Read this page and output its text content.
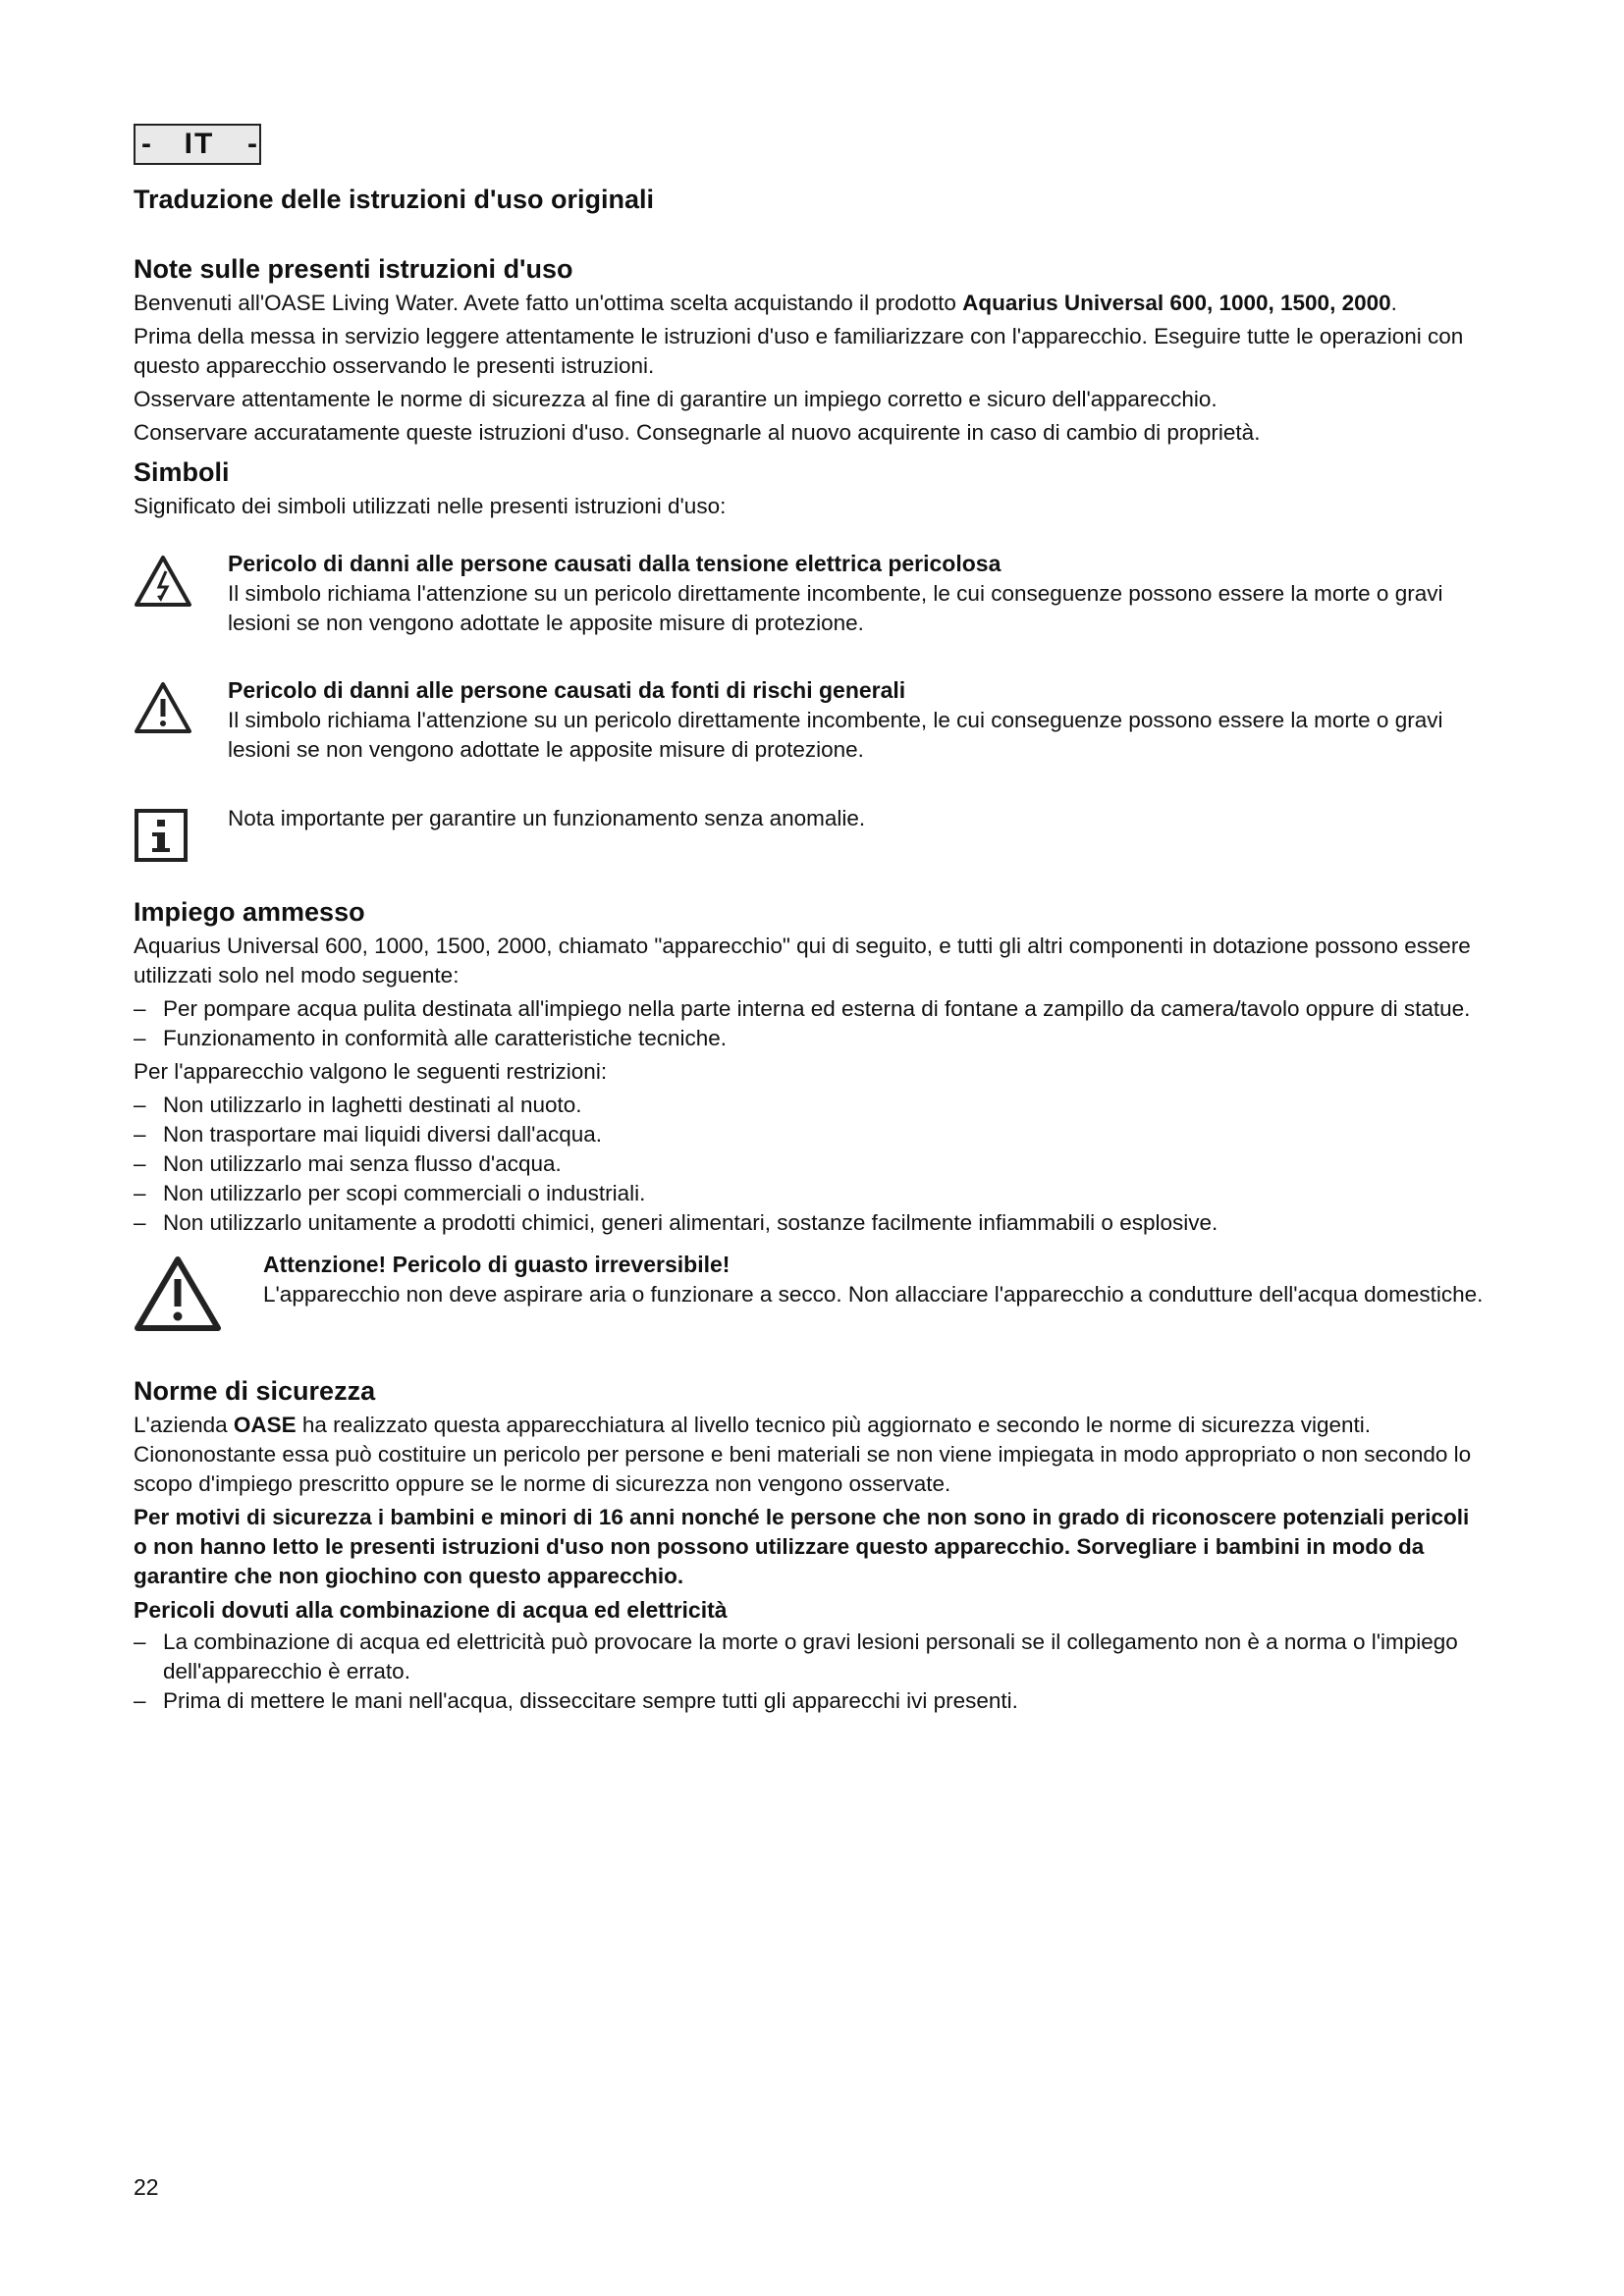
- IT -
Traduzione delle istruzioni d'uso originali
Note sulle presenti istruzioni d'uso

Benvenuti all'OASE Living Water. Avete fatto un'ottima scelta acquistando il prodotto Aquarius Universal 600, 1000, 1500, 2000.

Prima della messa in servizio leggere attentamente le istruzioni d'uso e familiarizzare con l'apparecchio. Eseguire tutte le operazioni con questo apparecchio osservando le presenti istruzioni.

Osservare attentamente le norme di sicurezza al fine di garantire un impiego corretto e sicuro dell'apparecchio.

Conservare accuratamente queste istruzioni d'uso. Consegnarle al nuovo acquirente in caso di cambio di proprietà.

Simboli

Significato dei simboli utilizzati nelle presenti istruzioni d'uso:

Pericolo di danni alle persone causati dalla tensione elettrica pericolosa

Il simbolo richiama l'attenzione su un pericolo direttamente incombente, le cui conseguenze possono essere la morte o gravi lesioni se non vengono adottate le apposite misure di protezione.

Pericolo di danni alle persone causati da fonti di rischi generali

Il simbolo richiama l'attenzione su un pericolo direttamente incombente, le cui conseguenze possono essere la morte o gravi lesioni se non vengono adottate le apposite misure di protezione.

Nota importante per garantire un funzionamento senza anomalie.

Impiego ammesso

Aquarius Universal 600, 1000, 1500, 2000, chiamato "apparecchio" qui di seguito, e tutti gli altri componenti in dotazione possono essere utilizzati solo nel modo seguente:

– Per pompare acqua pulita destinata all'impiego nella parte interna ed esterna di fontane a zampillo da camera/tavolo oppure di statue.
– Funzionamento in conformità alle caratteristiche tecniche.

Per l'apparecchio valgono le seguenti restrizioni:

– Non utilizzarlo in laghetti destinati al nuoto.
– Non trasportare mai liquidi diversi dall'acqua.
– Non utilizzarlo mai senza flusso d'acqua.
– Non utilizzarlo per scopi commerciali o industriali.
– Non utilizzarlo unitamente a prodotti chimici, generi alimentari, sostanze facilmente infiammabili o esplosive.
Attenzione! Pericolo di guasto irreversibile!

L'apparecchio non deve aspirare aria o funzionare a secco. Non allacciare l'apparecchio a condutture dell'acqua domestiche.

Norme di sicurezza

L'azienda OASE ha realizzato questa apparecchiatura al livello tecnico più aggiornato e secondo le norme di sicurezza vigenti. Ciononostante essa può costituire un pericolo per persone e beni materiali se non viene impiegata in modo appropriato o non secondo lo scopo d'impiego prescritto oppure se le norme di sicurezza non vengono osservate.

Per motivi di sicurezza i bambini e minori di 16 anni nonché le persone che non sono in grado di riconoscere potenziali pericoli o non hanno letto le presenti istruzioni d'uso non possono utilizzare questo apparecchio. Sorvegliare i bambini in modo da garantire che non giochino con questo apparecchio.

Pericoli dovuti alla combinazione di acqua ed elettricità
– La combinazione di acqua ed elettricità può provocare la morte o gravi lesioni personali se il collegamento non è a norma o l'impiego dell'apparecchio è errato.
– Prima di mettere le mani nell'acqua, disseccitare sempre tutti gli apparecchi ivi presenti.
22
